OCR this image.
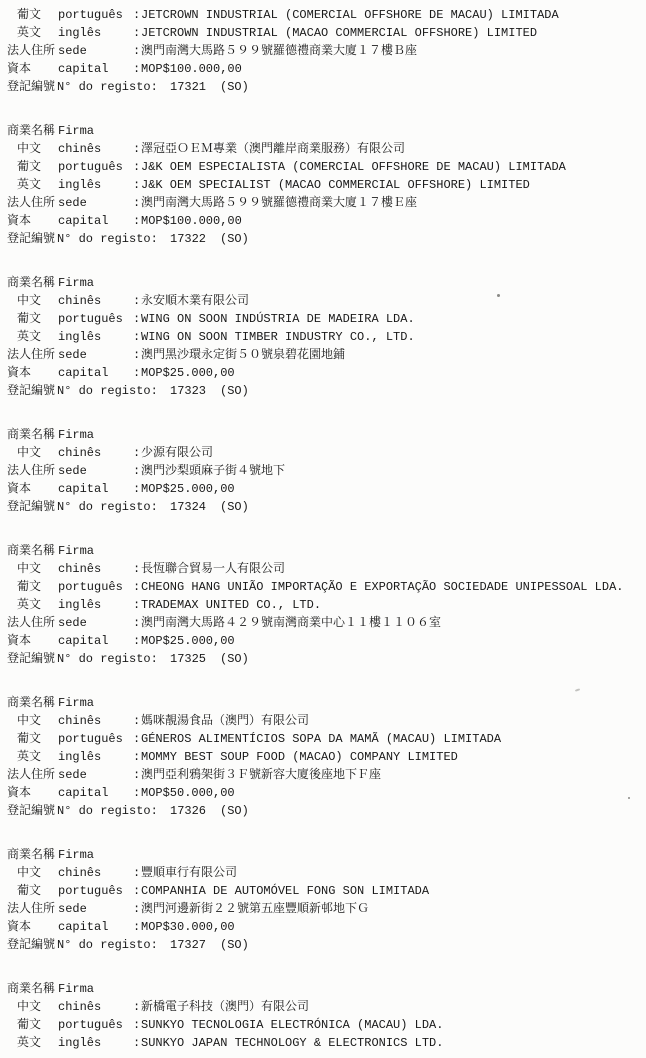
葡文	português : JETCROWN INDUSTRIAL (COMERCIAL OFFSHORE DE MACAU) LIMITADA
英文	inglês	: JETCROWN INDUSTRIAL (MACAO COMMERCIAL OFFSHORE) LIMITED
法人住所 sede	: 澳門南灣大馬路５９９號羅德禮商業大廈１７樓Ｂ座
資本	capital	: MOP$100.000,00
登記編號 N° do registo:	17321	(SO)
商業名稱 Firma
中文	chinês	: 澤冠亞ＯＥＭ專業（澳門離岸商業服務）有限公司
葡文	português : J&K OEM ESPECIALISTA (COMERCIAL OFFSHORE DE MACAU) LIMITADA
英文	inglês	: J&K OEM SPECIALIST (MACAO COMMERCIAL OFFSHORE) LIMITED
法人住所 sede	: 澳門南灣大馬路５９９號羅德禮商業大廈１７樓Ｅ座
資本	capital	: MOP$100.000,00
登記編號 N° do registo:	17322	(SO)
商業名稱 Firma
中文	chinês	: 永安順木業有限公司
葡文	português : WING ON SOON INDÚSTRIA DE MADEIRA LDA.
英文	inglês	: WING ON SOON TIMBER INDUSTRY CO., LTD.
法人住所 sede	: 澳門黑沙環永定街５０號泉碧花園地鋪
資本	capital	: MOP$25.000,00
登記編號 N° do registo:	17323	(SO)
商業名稱 Firma
中文	chinês	: 少源有限公司
法人住所 sede	: 澳門沙梨頭麻子街４號地下
資本	capital	: MOP$25.000,00
登記編號 N° do registo:	17324	(SO)
商業名稱 Firma
中文	chinês	: 長恆聯合貿易一人有限公司
葡文	português : CHEONG HANG UNIÃO IMPORTAÇÃO E EXPORTAÇÃO SOCIEDADE UNIPESSOAL LDA.
英文	inglês	: TRADEMAX UNITED CO., LTD.
法人住所 sede	: 澳門南灣大馬路４２９號南灣商業中心１１樓１１０６室
資本	capital	: MOP$25.000,00
登記編號 N° do registo:	17325	(SO)
商業名稱 Firma
中文	chinês	: 媽咪靚湯食品（澳門）有限公司
葡文	português : GÉNEROS ALIMENTÍCIOS SOPA DA MAMÃ (MACAU) LIMITADA
英文	inglês	: MOMMY BEST SOUP FOOD (MACAO) COMPANY LIMITED
法人住所 sede	: 澳門亞利鴉架街３Ｆ號新容大廈後座地下Ｆ座
資本	capital	: MOP$50.000,00
登記編號 N° do registo:	17326	(SO)
商業名稱 Firma
中文	chinês	: 豐順車行有限公司
葡文	português : COMPANHIA DE AUTOMÓVEL FONG SON LIMITADA
法人住所 sede	: 澳門河邊新街２２號第五座豐順新邨地下Ｇ
資本	capital	: MOP$30.000,00
登記編號 N° do registo:	17327	(SO)
商業名稱 Firma
中文	chinês	: 新橋電子科技（澳門）有限公司
葡文	português : SUNKYO TECNOLOGIA ELECTRÓNICA (MACAU) LDA.
英文	inglês	: SUNKYO JAPAN TECHNOLOGY & ELECTRONICS LTD.
